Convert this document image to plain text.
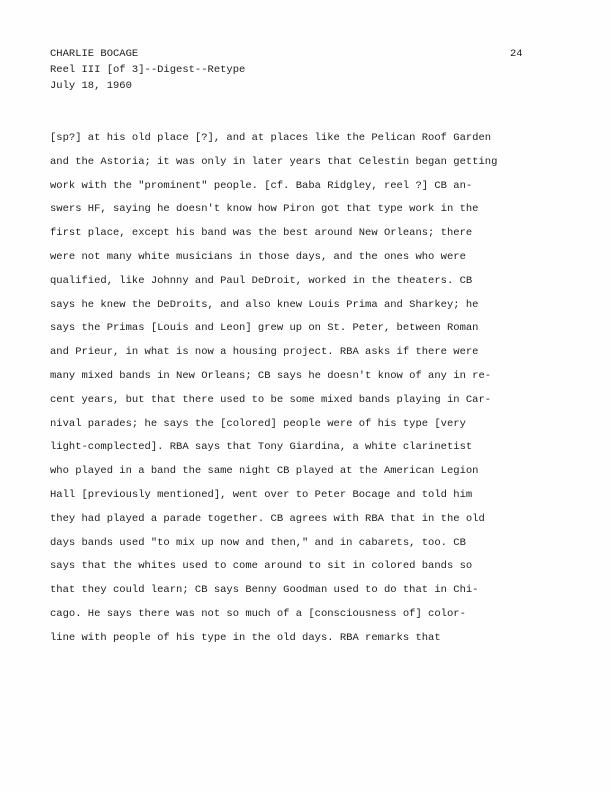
CHARLIE BOCAGE
Reel III [of 3]--Digest--Retype
July 18, 1960
24
[sp?] at his old place [?], and at places like the Pelican Roof Garden
and the Astoria; it was only in later years that Celestin began getting
work with the "prominent" people. [cf. Baba Ridgley, reel ?] CB an-
swers HF, saying he doesn't know how Piron got that type work in the
first place, except his band was the best around New Orleans; there
were not many white musicians in those days, and the ones who were
qualified, like Johnny and Paul DeDroit, worked in the theaters. CB
says he knew the DeDroits, and also knew Louis Prima and Sharkey; he
says the Primas [Louis and Leon] grew up on St. Peter, between Roman
and Prieur, in what is now a housing project. RBA asks if there were
many mixed bands in New Orleans; CB says he doesn't know of any in re-
cent years, but that there used to be some mixed bands playing in Car-
nival parades; he says the [colored] people were of his type [very
light-complected]. RBA says that Tony Giardina, a white clarinetist
who played in a band the same night CB played at the American Legion
Hall [previously mentioned], went over to Peter Bocage and told him
they had played a parade together. CB agrees with RBA that in the old
days bands used "to mix up now and then," and in cabarets, too. CB
says that the whites used to come around to sit in colored bands so
that they could learn; CB says Benny Goodman used to do that in Chi-
cago. He says there was not so much of a [consciousness of] color-
line with people of his type in the old days. RBA remarks that
